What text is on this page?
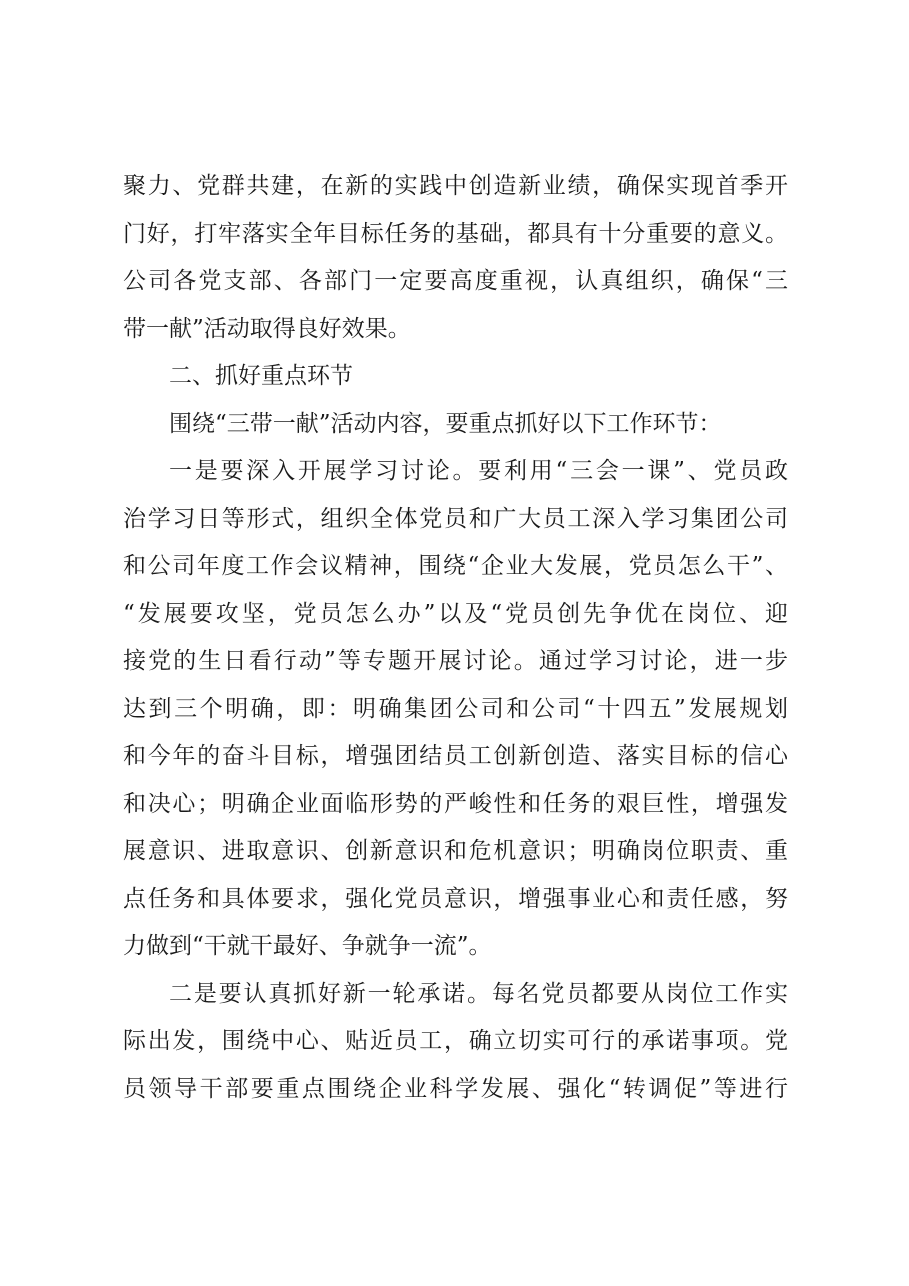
聚力、党群共建，在新的实践中创造新业绩，确保实现首季开
门好，打牢落实全年目标任务的基础，都具有十分重要的意义。
公司各党支部、各部门一定要高度重视，认真组织，确保“三
带一献”活动取得良好效果。
二、抓好重点环节
围绕“三带一献”活动内容，要重点抓好以下工作环节：
一是要深入开展学习讨论。要利用“三会一课”、党员政
治学习日等形式，组织全体党员和广大员工深入学习集团公司
和公司年度工作会议精神，围绕“企业大发展，党员怎么干”、
“发展要攻坚，党员怎么办”以及“党员创先争优在岗位、迎
接党的生日看行动”等专题开展讨论。通过学习讨论，进一步
达到三个明确，即：明确集团公司和公司“十四五”发展规划
和今年的奋斗目标，增强团结员工创新创造、落实目标的信心
和决心；明确企业面临形势的严峻性和任务的艰巨性，增强发
展意识、进取意识、创新意识和危机意识；明确岗位职责、重
点任务和具体要求，强化党员意识，增强事业心和责任感，努
力做到“干就干最好、争就争一流”。
二是要认真抓好新一轮承诺。每名党员都要从岗位工作实
际出发，围绕中心、贴近员工，确立切实可行的承诺事项。党
员领导干部要重点围绕企业科学发展、强化“转调促”等进行
